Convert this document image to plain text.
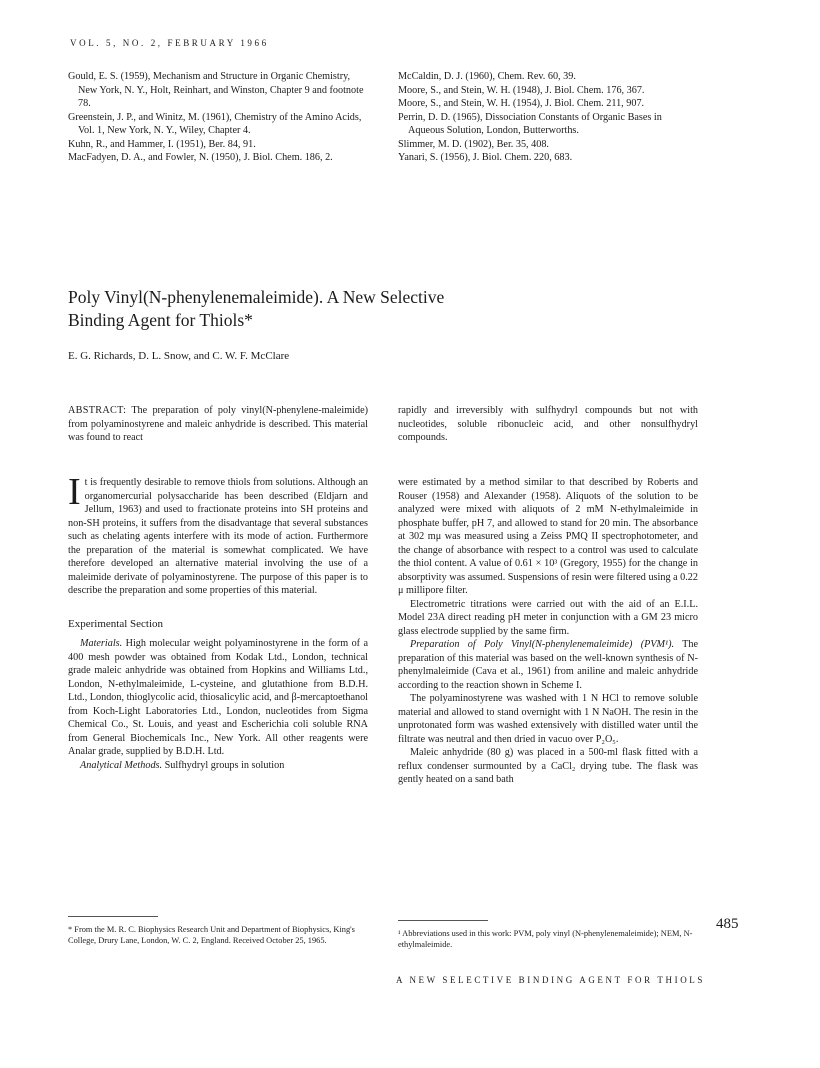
VOL. 5, NO. 2, FEBRUARY 1966

Gould, E. S. (1959), Mechanism and Structure in Organic Chemistry, New York, N. Y., Holt, Reinhart, and Winston, Chapter 9 and footnote 78.

Greenstein, J. P., and Winitz, M. (1961), Chemistry of the Amino Acids, Vol. 1, New York, N. Y., Wiley, Chapter 4.

Kuhn, R., and Hammer, I. (1951), Ber. 84, 91.

MacFadyen, D. A., and Fowler, N. (1950), J. Biol. Chem. 186, 2.

McCaldin, D. J. (1960), Chem. Rev. 60, 39.

Moore, S., and Stein, W. H. (1948), J. Biol. Chem. 176, 367.

Moore, S., and Stein, W. H. (1954), J. Biol. Chem. 211, 907.

Perrin, D. D. (1965), Dissociation Constants of Organic Bases in Aqueous Solution, London, Butterworths.

Slimmer, M. D. (1902), Ber. 35, 408.

Yanari, S. (1956), J. Biol. Chem. 220, 683.

Poly Vinyl(N-phenylenemaleimide). A New Selective
Binding Agent for Thiols*
E. G. Richards, D. L. Snow, and C. W. F. McClare

ABSTRACT: The preparation of poly vinyl(N-phenylene-maleimide) from polyaminostyrene and maleic anhydride is described. This material was found to react

rapidly and irreversibly with sulfhydryl compounds but not with nucleotides, soluble ribonucleic acid, and other nonsulfhydryl compounds.

It is frequently desirable to remove thiols from solutions. Although an organomercurial polysaccharide has been described (Eldjarn and Jellum, 1963) and used to fractionate proteins into SH proteins and non-SH proteins, it suffers from the disadvantage that several substances such as chelating agents interfere with its mode of action. Furthermore the preparation of the material is somewhat complicated. We have therefore developed an alternative material involving the use of a maleimide derivate of polyaminostyrene. The purpose of this paper is to describe the preparation and some properties of this material.

Experimental Section

Materials. High molecular weight polyaminostyrene in the form of a 400 mesh powder was obtained from Kodak Ltd., London, technical grade maleic anhydride was obtained from Hopkins and Williams Ltd., London, N-ethylmaleimide, L-cysteine, and glutathione from B.D.H. Ltd., London, thioglycolic acid, thiosalicylic acid, and β-mercaptoethanol from Koch-Light Laboratories Ltd., London, nucleotides from Sigma Chemical Co., St. Louis, and yeast and Escherichia coli soluble RNA from General Biochemicals Inc., New York. All other reagents were Analar grade, supplied by B.D.H. Ltd.

Analytical Methods. Sulfhydryl groups in solution

* From the M. R. C. Biophysics Research Unit and Department of Biophysics, King's College, Drury Lane, London, W. C. 2, England. Received October 25, 1965.

were estimated by a method similar to that described by Roberts and Rouser (1958) and Alexander (1958). Aliquots of the solution to be analyzed were mixed with aliquots of 2 mM N-ethylmaleimide in phosphate buffer, pH 7, and allowed to stand for 20 min. The absorbance at 302 mμ was measured using a Zeiss PMQ II spectrophotometer, and the change of absorbance with respect to a control was used to calculate the thiol content. A value of 0.61 × 10³ (Gregory, 1955) for the change in absorptivity was assumed. Suspensions of resin were filtered using a 0.22 μ millipore filter.

Electrometric titrations were carried out with the aid of an E.I.L. Model 23A direct reading pH meter in conjunction with a GM 23 micro glass electrode supplied by the same firm.

Preparation of Poly Vinyl(N-phenylenemaleimide) (PVM¹). The preparation of this material was based on the well-known synthesis of N-phenylmaleimide (Cava et al., 1961) from aniline and maleic anhydride according to the reaction shown in Scheme I.

The polyaminostyrene was washed with 1 N HCl to remove soluble material and allowed to stand overnight with 1 N NaOH. The resin in the unprotonated form was washed extensively with distilled water until the filtrate was neutral and then dried in vacuo over P₂O₅.

Maleic anhydride (80 g) was placed in a 500-ml flask fitted with a reflux condenser surmounted by a CaCl₂ drying tube. The flask was gently heated on a sand bath

¹ Abbreviations used in this work: PVM, poly vinyl (N-phenylenemaleimide); NEM, N-ethylmaleimide.
485
A NEW SELECTIVE BINDING AGENT FOR THIOLS
